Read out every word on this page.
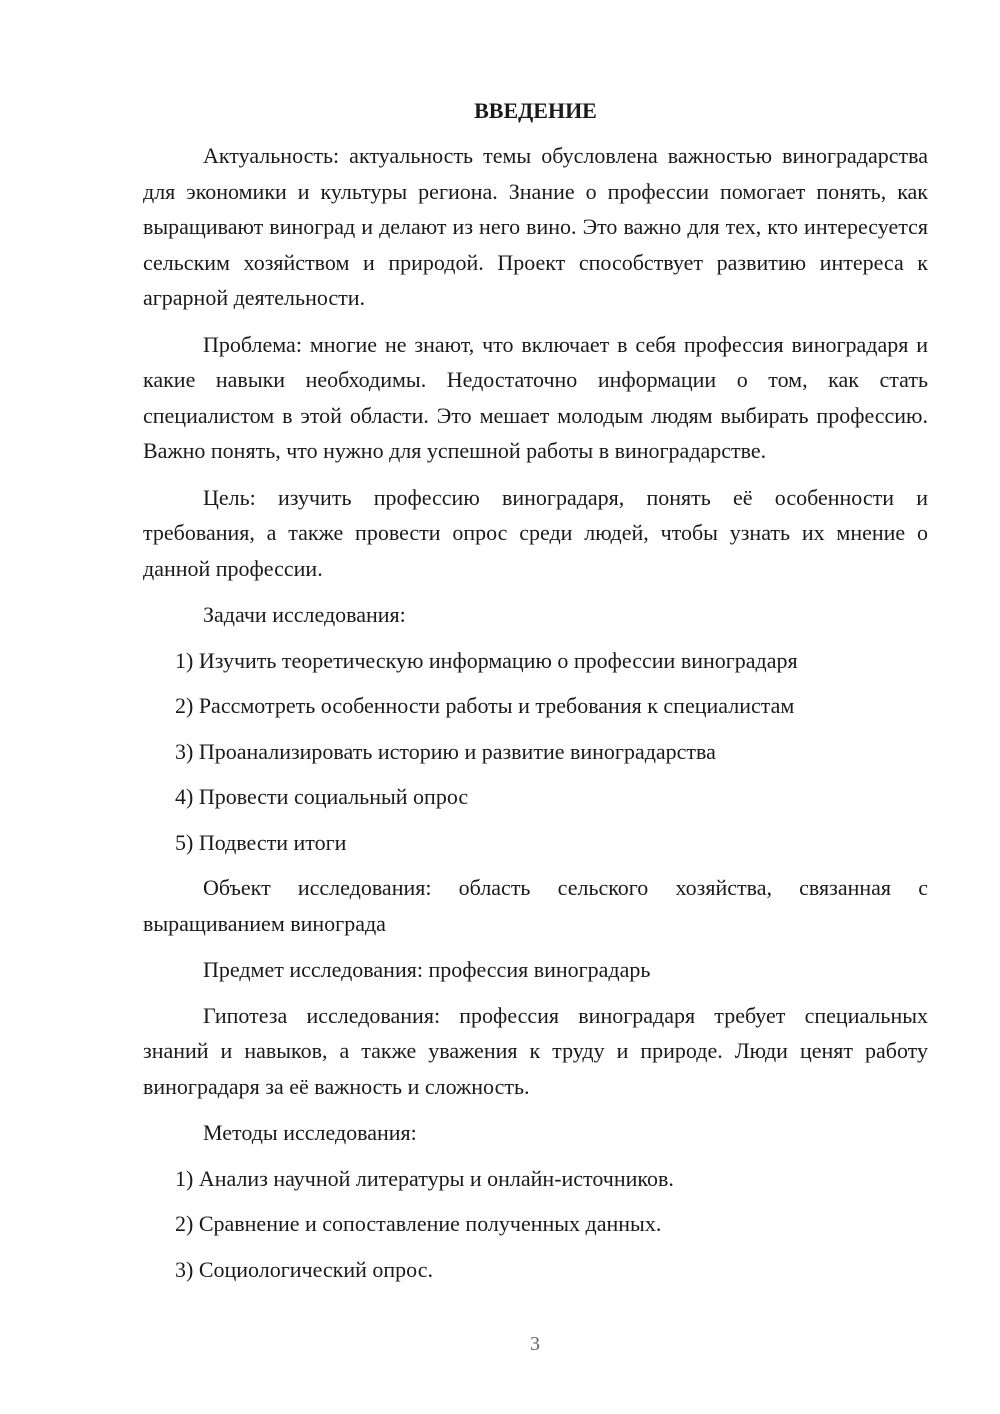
ВВЕДЕНИЕ

Актуальность: актуальность темы обусловлена важностью виноградарства для экономики и культуры региона. Знание о профессии помогает понять, как выращивают виноград и делают из него вино. Это важно для тех, кто интересуется сельским хозяйством и природой. Проект способствует развитию интереса к аграрной деятельности.

Проблема: многие не знают, что включает в себя профессия виноградаря и какие навыки необходимы. Недостаточно информации о том, как стать специалистом в этой области. Это мешает молодым людям выбирать профессию. Важно понять, что нужно для успешной работы в виноградарстве.

Цель: изучить профессию виноградаря, понять её особенности и требования, а также провести опрос среди людей, чтобы узнать их мнение о данной профессии.

Задачи исследования:
1) Изучить теоретическую информацию о профессии виноградаря
2) Рассмотреть особенности работы и требования к специалистам
3) Проанализировать историю и развитие виноградарства
4) Провести социальный опрос
5) Подвести итоги

Объект исследования: область сельского хозяйства, связанная с выращиванием винограда

Предмет исследования: профессия виноградарь

Гипотеза исследования: профессия виноградаря требует специальных знаний и навыков, а также уважения к труду и природе. Люди ценят работу виноградаря за её важность и сложность.

Методы исследования:
1) Анализ научной литературы и онлайн-источников.
2) Сравнение и сопоставление полученных данных.
3) Социологический опрос.
3
